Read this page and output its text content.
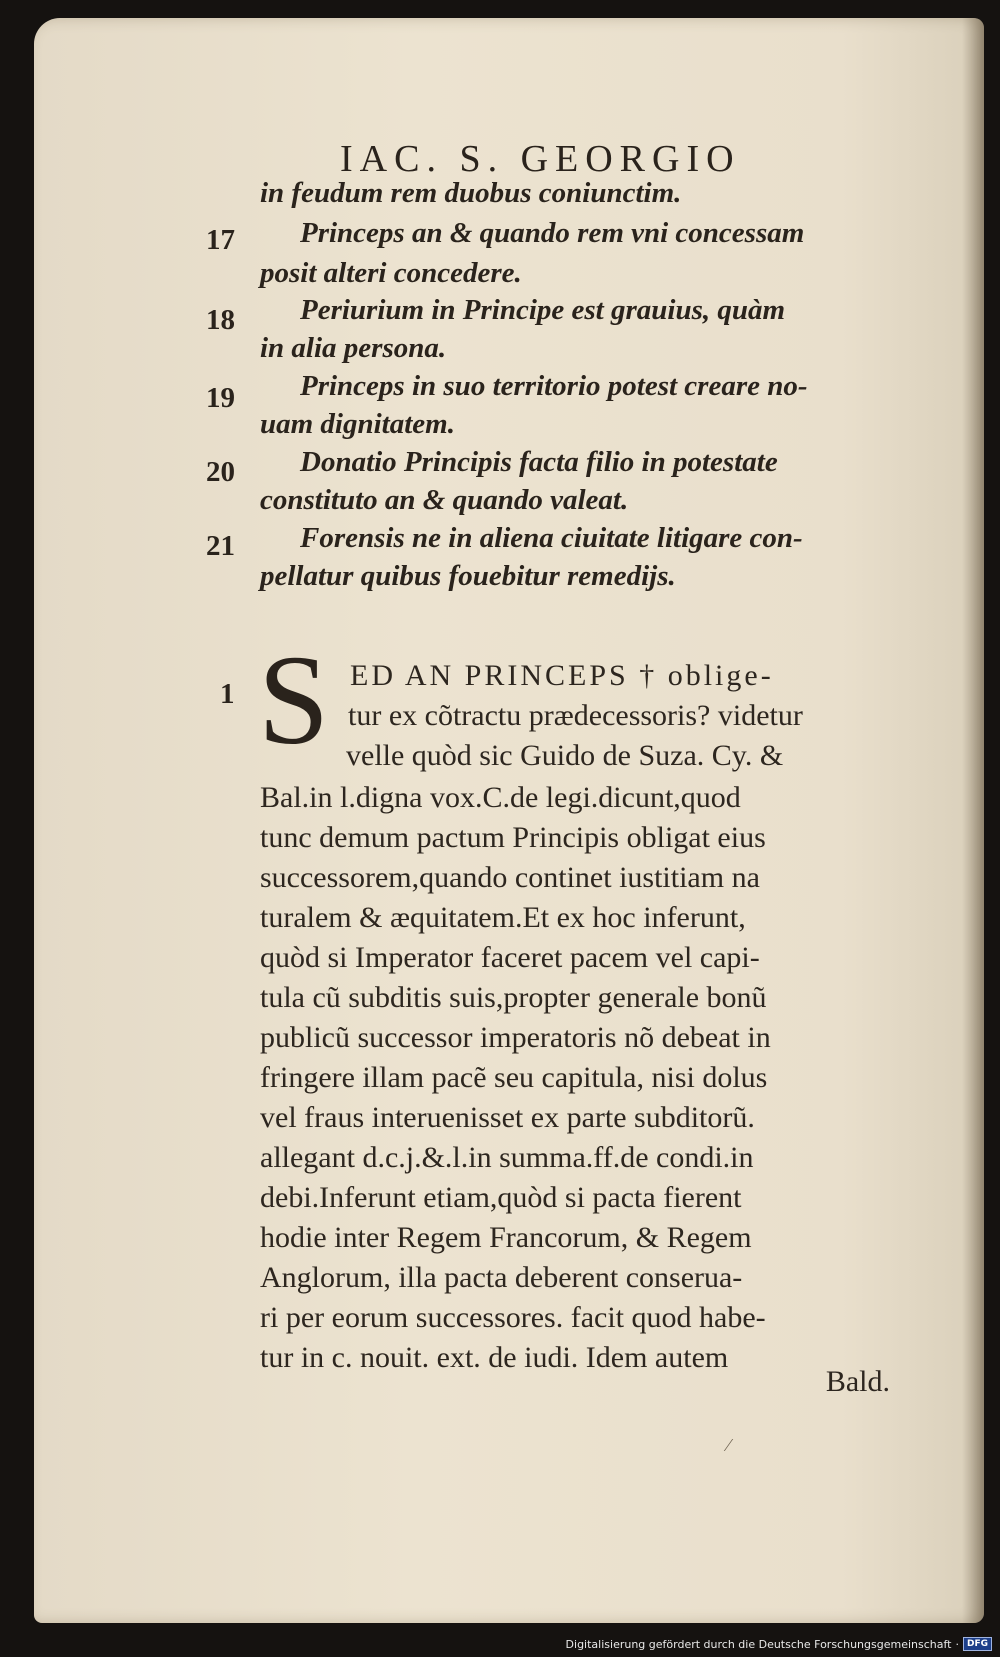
IAC. S. GEORGIO
in feudum rem duobus coniunctim.
Princeps an & quando rem vni concessam
posit alteri concedere.
Periurium in Principe est grauius, quàm
in alia persona.
Princeps in suo territorio potest creare no-
uam dignitatem.
Donatio Principis facta filio in potestate
constituto an & quando valeat.
Forensis ne in aliena ciuitate litigare con-
pellatur quibus fouebitur remedijs.
17
18
19
20
21
1 S ED AN PRINCEPS † oblige-
tur ex cõtractu prædecessoris? videtur
velle quòd sic Guido de Suza. Cy. &
Bal.in l.digna vox.C.de legi.dicunt,quod
tunc demum pactum Principis obligat eius
successorem,quando continet iustitiam na
turalem & æquitatem.Et ex hoc inferunt,
quòd si Imperator faceret pacem vel capi-
tula cũ subditis suis,propter generale bonũ
publicũ successor imperatoris nõ debeat in
fringere illam pacẽ seu capitula, nisi dolus
vel fraus interuenisset ex parte subditorũ.
allegant d.c.j.&.l.in summa.ff.de condi.in
debi.Inferunt etiam,quòd si pacta fierent
hodie inter Regem Francorum, & Regem
Anglorum, illa pacta deberent conserua-
ri per eorum successores. facit quod habe-
tur in c. nouit. ext. de iudi. Idem autem
Bald.
⁄
Digitalisierung gefördert durch die Deutsche Forschungsgemeinschaft · DFG
